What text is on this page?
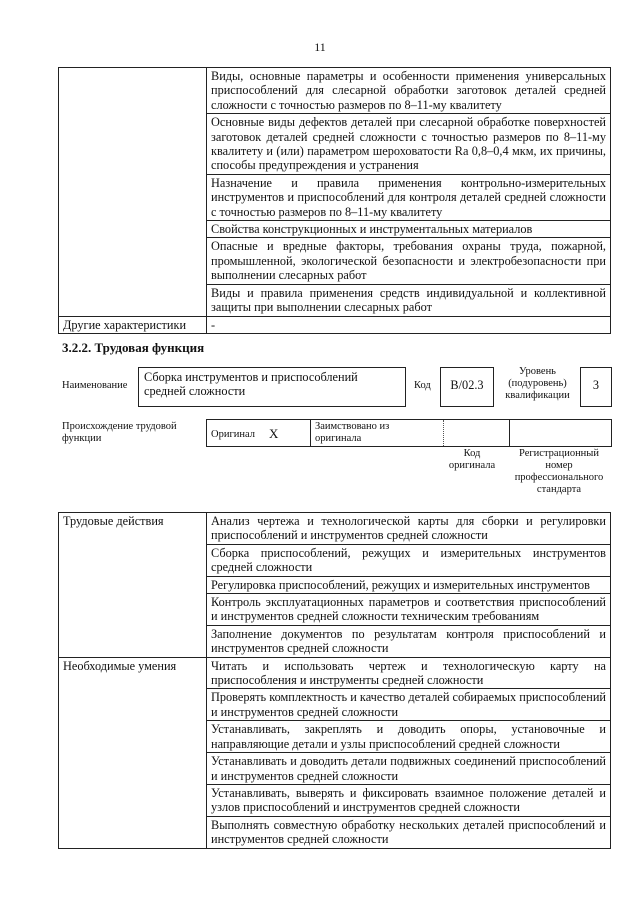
11
	Виды, основные параметры и особенности применения универсальных приспособлений для слесарной обработки заготовок деталей средней сложности с точностью размеров по 8–11-му квалитету
	Основные виды дефектов деталей при слесарной обработке поверхностей заготовок деталей средней сложности с точностью размеров по 8–11-му квалитету и (или) параметром шероховатости Ra 0,8–0,4 мкм, их причины, способы предупреждения и устранения
	Назначение и правила применения контрольно-измерительных инструментов и приспособлений для контроля деталей средней сложности с точностью размеров по 8–11-му квалитету
	Свойства конструкционных и инструментальных материалов
	Опасные и вредные факторы, требования охраны труда, пожарной, промышленной, экологической безопасности и электробезопасности при выполнении слесарных работ
	Виды и правила применения средств индивидуальной и коллективной защиты при выполнении слесарных работ
Другие характеристики	-
3.2.2. Трудовая функция
Наименование
Сборка инструментов и приспособлений средней сложности	Код	B/02.3
Уровень (подуровень) квалификации
3
Происхождение трудовой функции	Оригинал X	Заимствовано из оригинала
Код оригинала
Регистрационный номер профессионального стандарта
Трудовые действия	Анализ чертежа и технологической карты для сборки и регулировки приспособлений и инструментов средней сложности
	Сборка приспособлений, режущих и измерительных инструментов средней сложности
	Регулировка приспособлений, режущих и измерительных инструментов
	Контроль эксплуатационных параметров и соответствия приспособлений и инструментов средней сложности техническим требованиям
	Заполнение документов по результатам контроля приспособлений и инструментов средней сложности
Необходимые умения	Читать и использовать чертеж и технологическую карту на приспособления и инструменты средней сложности
	Проверять комплектность и качество деталей собираемых приспособлений и инструментов средней сложности
	Устанавливать, закреплять и доводить опоры, установочные и направляющие детали и узлы приспособлений средней сложности
	Устанавливать и доводить детали подвижных соединений приспособлений и инструментов средней сложности
	Устанавливать, выверять и фиксировать взаимное положение деталей и узлов приспособлений и инструментов средней сложности
	Выполнять совместную обработку нескольких деталей приспособлений и инструментов средней сложности
